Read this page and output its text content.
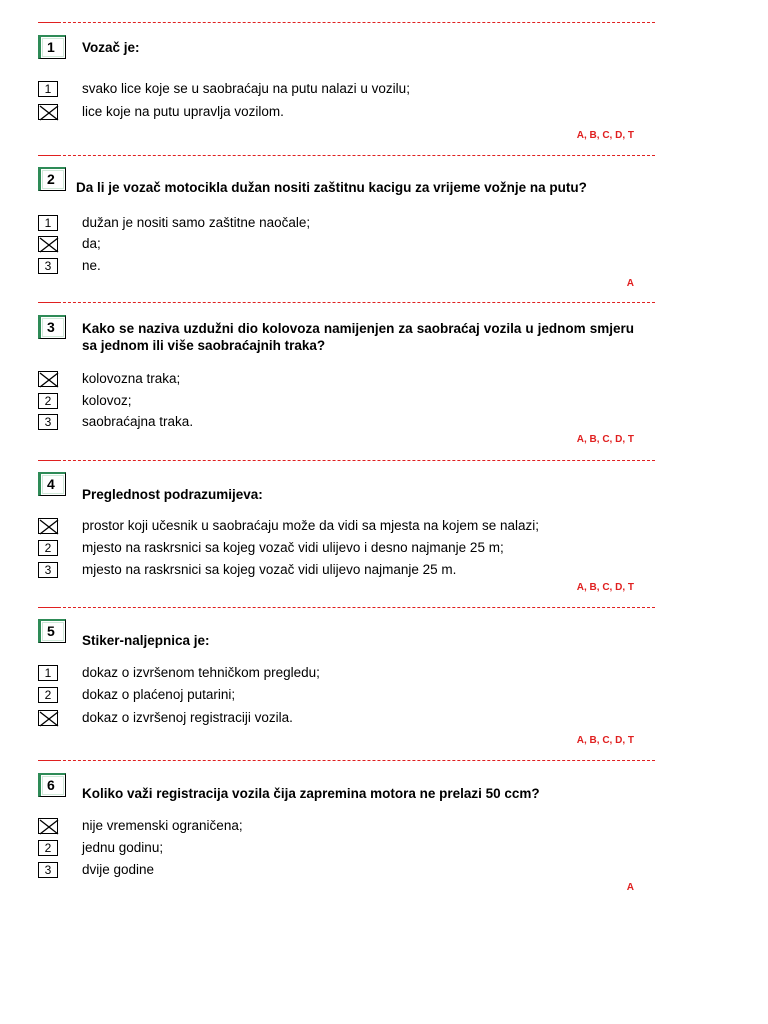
1	Vozač je:
1	svako lice koje se u saobraćaju na putu nalazi u vozilu;
lice koje na putu upravlja vozilom.
A, B, C, D, T
2
Da li je vozač motocikla dužan nositi zaštitnu kacigu za vrijeme vožnje na putu?
1	dužan je nositi samo zaštitne naočale;
da;
3	ne.
A
3	Kako se naziva uzdužni dio kolovoza namijenjen za saobraćaj vozila u jednom smjeru sa jednom ili više saobraćajnih traka?
kolovozna traka;
2	kolovoz;
3	saobraćajna traka.
A, B, C, D, T
4
Preglednost podrazumijeva:
prostor koji učesnik u saobraćaju može da vidi sa mjesta na kojem se nalazi;
2	mjesto na raskrsnici sa kojeg vozač vidi ulijevo i desno najmanje 25 m;
3	mjesto na raskrsnici sa kojeg vozač vidi ulijevo najmanje 25 m.
A, B, C, D, T
5
Stiker-naljepnica je:
1	dokaz o izvršenom tehničkom pregledu;
2	dokaz o plaćenoj putarini;
dokaz o izvršenoj registraciji vozila.
A, B, C, D, T
6
Koliko važi registracija vozila čija zapremina motora ne prelazi 50 ccm?
nije vremenski ograničena;
2	jednu godinu;
3	dvije godine
A
